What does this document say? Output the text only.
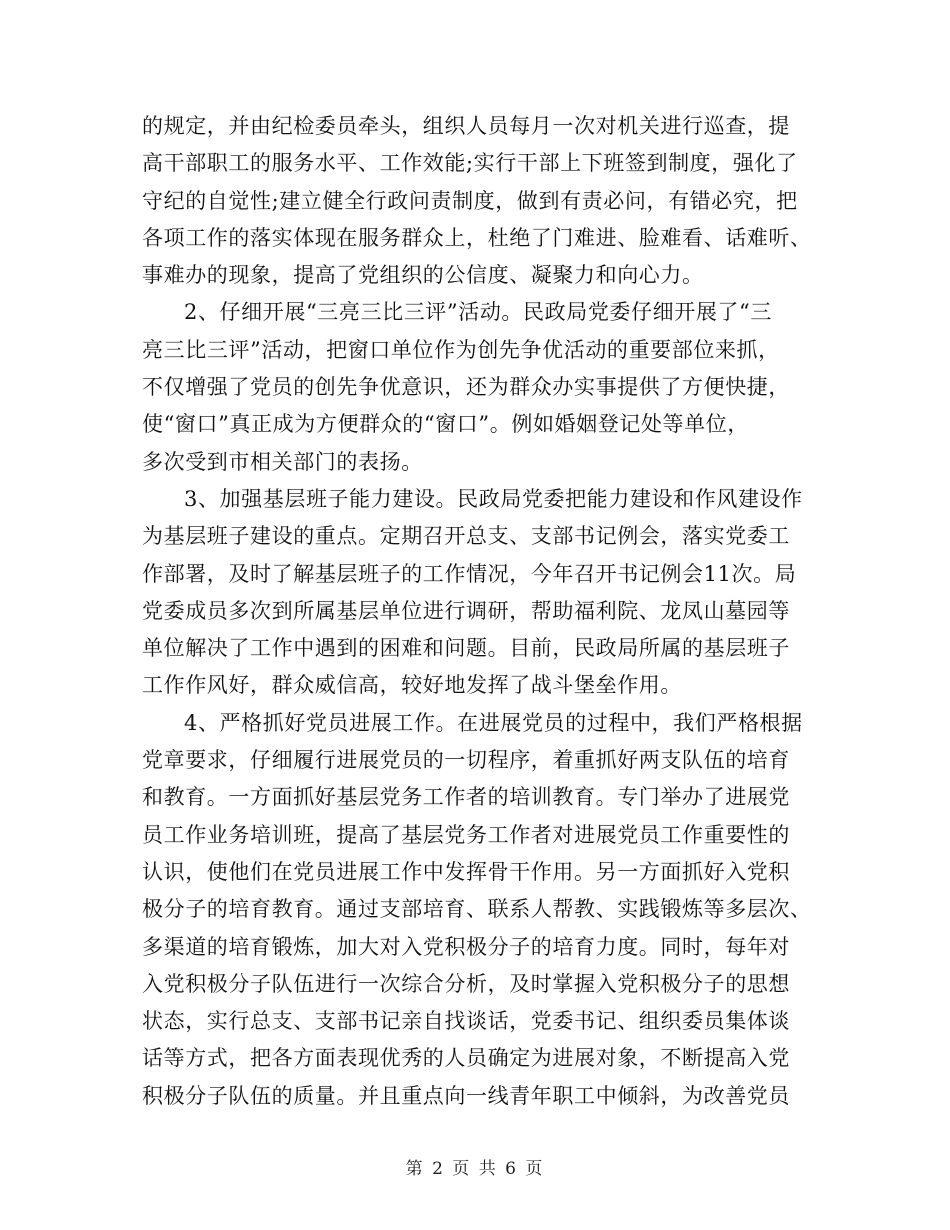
的规定，并由纪检委员牵头，组织人员每月一次对机关进行巡查，提
高干部职工的服务水平、工作效能;实行干部上下班签到制度，强化了
守纪的自觉性;建立健全行政问责制度，做到有责必问，有错必究，把
各项工作的落实体现在服务群众上，杜绝了门难进、脸难看、话难听、
事难办的现象，提高了党组织的公信度、凝聚力和向心力。

2、仔细开展“三亮三比三评”活动。民政局党委仔细开展了“三
亮三比三评”活动，把窗口单位作为创先争优活动的重要部位来抓，
不仅增强了党员的创先争优意识，还为群众办实事提供了方便快捷，
使“窗口”真正成为方便群众的“窗口”。例如婚姻登记处等单位，
多次受到市相关部门的表扬。

3、加强基层班子能力建设。民政局党委把能力建设和作风建设作
为基层班子建设的重点。定期召开总支、支部书记例会，落实党委工
作部署，及时了解基层班子的工作情况，今年召开书记例会11次。局
党委成员多次到所属基层单位进行调研，帮助福利院、龙凤山墓园等
单位解决了工作中遇到的困难和问题。目前，民政局所属的基层班子
工作作风好，群众威信高，较好地发挥了战斗堡垒作用。

4、严格抓好党员进展工作。在进展党员的过程中，我们严格根据
党章要求，仔细履行进展党员的一切程序，着重抓好两支队伍的培育
和教育。一方面抓好基层党务工作者的培训教育。专门举办了进展党
员工作业务培训班，提高了基层党务工作者对进展党员工作重要性的
认识，使他们在党员进展工作中发挥骨干作用。另一方面抓好入党积
极分子的培育教育。通过支部培育、联系人帮教、实践锻炼等多层次、
多渠道的培育锻炼，加大对入党积极分子的培育力度。同时，每年对
入党积极分子队伍进行一次综合分析，及时掌握入党积极分子的思想
状态，实行总支、支部书记亲自找谈话，党委书记、组织委员集体谈
话等方式，把各方面表现优秀的人员确定为进展对象，不断提高入党
积极分子队伍的质量。并且重点向一线青年职工中倾斜，为改善党员

第 2 页 共 6 页
